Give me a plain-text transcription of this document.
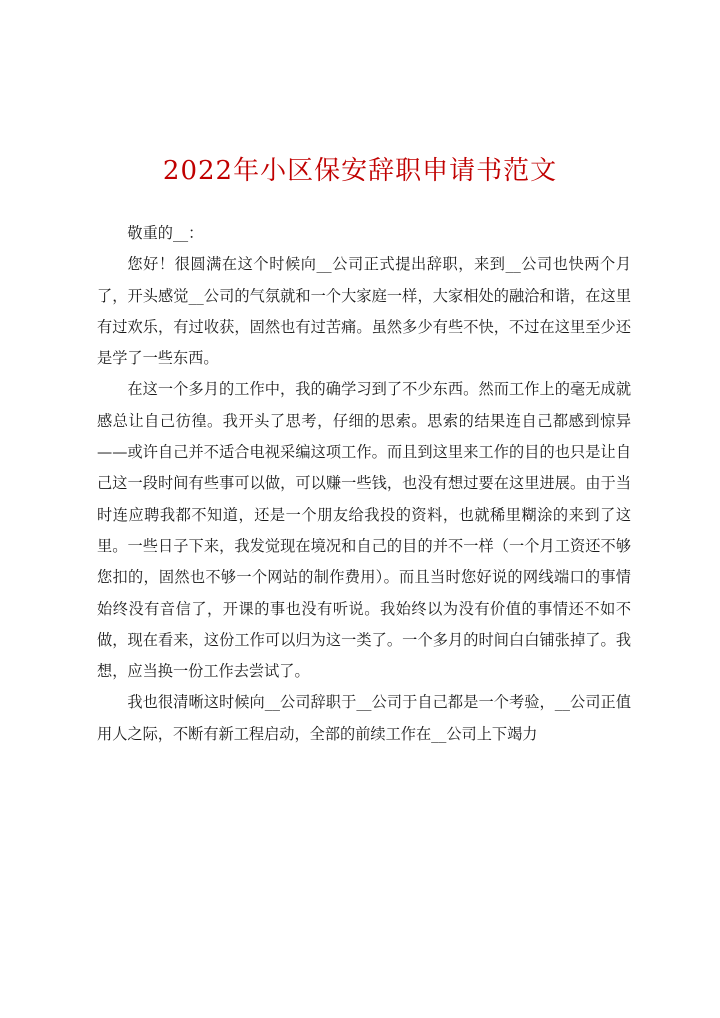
2022年小区保安辞职申请书范文

敬重的__：

您好！很圆满在这个时候向__公司正式提出辞职，来到__公司也快两个月了，开头感觉__公司的气氛就和一个大家庭一样，大家相处的融洽和谐，在这里有过欢乐，有过收获，固然也有过苦痛。虽然多少有些不快，不过在这里至少还是学了一些东西。

在这一个多月的工作中，我的确学习到了不少东西。然而工作上的毫无成就感总让自己彷徨。我开头了思考，仔细的思索。思索的结果连自己都感到惊异——或许自己并不适合电视采编这项工作。而且到这里来工作的目的也只是让自己这一段时间有些事可以做，可以赚一些钱，也没有想过要在这里进展。由于当时连应聘我都不知道，还是一个朋友给我投的资料，也就稀里糊涂的来到了这里。一些日子下来，我发觉现在境况和自己的目的并不一样（一个月工资还不够您扣的，固然也不够一个网站的制作费用）。而且当时您好说的网线端口的事情始终没有音信了，开课的事也没有听说。我始终以为没有价值的事情还不如不做，现在看来，这份工作可以归为这一类了。一个多月的时间白白铺张掉了。我想，应当换一份工作去尝试了。

我也很清晰这时候向__公司辞职于__公司于自己都是一个考验，__公司正值用人之际，不断有新工程启动，全部的前续工作在__公司上下竭力
